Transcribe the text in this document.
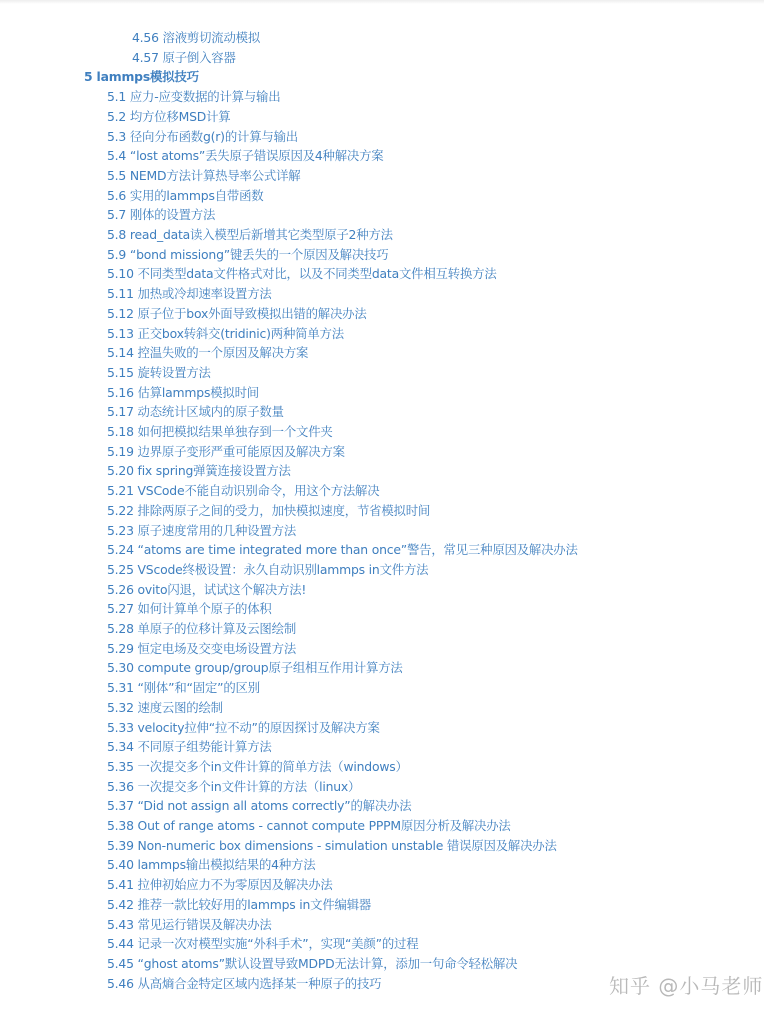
4.56 溶液剪切流动模拟
4.57 原子倒入容器
5 lammps模拟技巧
5.1 应力-应变数据的计算与输出
5.2 均方位移MSD计算
5.3 径向分布函数g(r)的计算与输出
5.4 “lost atoms”丢失原子错误原因及4种解决方案
5.5 NEMD方法计算热导率公式详解
5.6 实用的lammps自带函数
5.7 刚体的设置方法
5.8 read_data读入模型后新增其它类型原子2种方法
5.9 “bond missiong”键丢失的一个原因及解决技巧
5.10 不同类型data文件格式对比，以及不同类型data文件相互转换方法
5.11 加热或冷却速率设置方法
5.12 原子位于box外面导致模拟出错的解决办法
5.13 正交box转斜交(tridinic)两种简单方法
5.14 控温失败的一个原因及解决方案
5.15 旋转设置方法
5.16 估算lammps模拟时间
5.17 动态统计区域内的原子数量
5.18 如何把模拟结果单独存到一个文件夹
5.19 边界原子变形严重可能原因及解决方案
5.20 fix spring弹簧连接设置方法
5.21 VSCode不能自动识别命令，用这个方法解决
5.22 排除两原子之间的受力，加快模拟速度，节省模拟时间
5.23 原子速度常用的几种设置方法
5.24 “atoms are time integrated more than once”警告，常见三种原因及解决办法
5.25 VScode终极设置：永久自动识别lammps in文件方法
5.26 ovito闪退，试试这个解决方法!
5.27 如何计算单个原子的体积
5.28 单原子的位移计算及云图绘制
5.29 恒定电场及交变电场设置方法
5.30 compute group/group原子组相互作用计算方法
5.31 “刚体”和“固定”的区别
5.32 速度云图的绘制
5.33 velocity拉伸“拉不动”的原因探讨及解决方案
5.34 不同原子组势能计算方法
5.35 一次提交多个in文件计算的简单方法（windows）
5.36 一次提交多个in文件计算的方法（linux）
5.37 “Did not assign all atoms correctly”的解决办法
5.38 Out of range atoms - cannot compute PPPM原因分析及解决办法
5.39 Non-numeric box dimensions - simulation unstable 错误原因及解决办法
5.40 lammps输出模拟结果的4种方法
5.41 拉伸初始应力不为零原因及解决办法
5.42 推荐一款比较好用的lammps in文件编辑器
5.43 常见运行错误及解决办法
5.44 记录一次对模型实施“外科手术”，实现“美颜”的过程
5.45 “ghost atoms”默认设置导致MDPD无法计算，添加一句命令轻松解决
5.46 从高熵合金特定区域内选择某一种原子的技巧	知乎 @小马老师
